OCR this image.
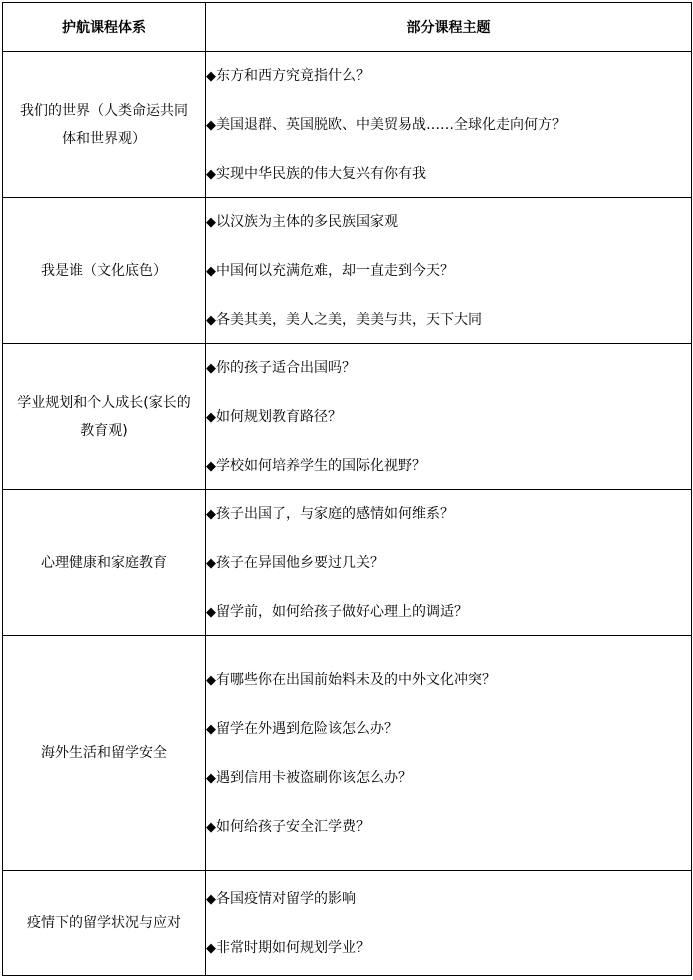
护航课程体系	部分课程主题
我们的世界（人类命运共同体和世界观）	◆东方和西方究竟指什么？
◆美国退群、英国脱欧、中美贸易战……全球化走向何方？
◆实现中华民族的伟大复兴有你有我

我是谁（文化底色）	◆以汉族为主体的多民族国家观
◆中国何以充满危难，却一直走到今天？
◆各美其美，美人之美，美美与共，天下大同

学业规划和个人成长(家长的教育观)	◆你的孩子适合出国吗？
◆如何规划教育路径？
◆学校如何培养学生的国际化视野？

心理健康和家庭教育	◆孩子出国了，与家庭的感情如何维系？
◆孩子在异国他乡要过几关？
◆留学前，如何给孩子做好心理上的调适？

海外生活和留学安全	◆有哪些你在出国前始料未及的中外文化冲突？
◆留学在外遇到危险该怎么办？
◆遇到信用卡被盗刷你该怎么办？
◆如何给孩子安全汇学费？

疫情下的留学状况与应对	◆各国疫情对留学的影响
◆非常时期如何规划学业？
